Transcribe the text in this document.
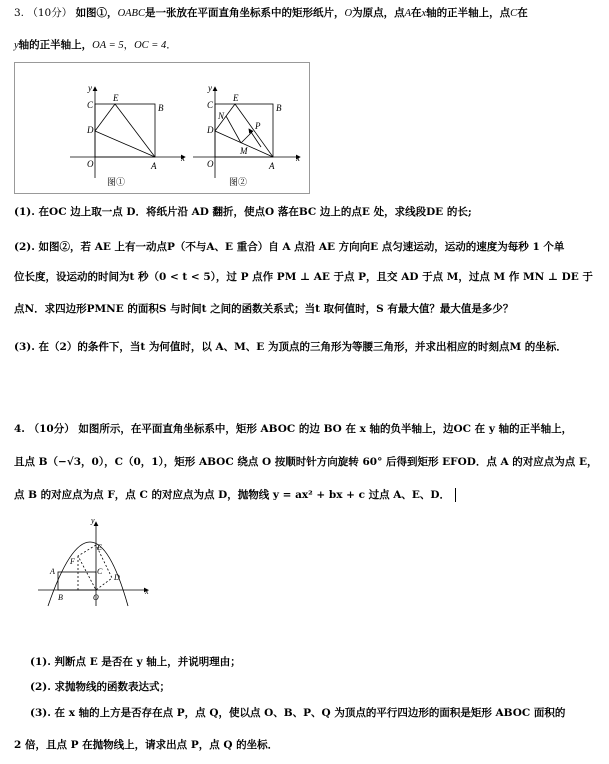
3. （10分） 如图①，OABC是一张放在平面直角坐标系中的矩形纸片，O为原点，点A在x轴的正半轴上，点C在
y轴的正半轴上，OA = 5，OC = 4．
y
x
C
E
B
D
O	A
图①
y
x
C
E
B
N
P
D
M
O	A
图②
(1). 在OC 边上取一点 D．将纸片沿 AD 翻折，使点O 落在BC 边上的点E 处，求线段DE 的长;
(2). 如图②，若 AE 上有一动点P（不与A、E 重合）自 A 点沿 AE 方向向E 点匀速运动，运动的速度为每秒 1 个单
位长度，设运动的时间为t 秒（0 < t < 5），过 P 点作 PM ⊥ AE 于点 P，且交 AD 于点 M，过点 M 作 MN ⊥ DE 于
点N．求四边形PMNE 的面积S 与时间t 之间的函数关系式；当t 取何值时，S 有最大值？最大值是多少？
(3). 在（2）的条件下，当t 为何值时，以 A、M、E 为顶点的三角形为等腰三角形，并求出相应的时刻点M 的坐标．
4. （10分） 如图所示，在平面直角坐标系中，矩形 ABOC 的边 BO 在 x 轴的负半轴上，边OC 在 y 轴的正半轴上，
且点 B（−√3，0），C（0，1），矩形 ABOC 绕点 O 按顺时针方向旋转 60° 后得到矩形 EFOD．点 A 的对应点为点 E，
点 B 的对应点为点 F，点 C 的对应点为点 D，抛物线 y = ax² + bx + c 过点 A、E、D．
y
x
E
F
A	C
D
B	O
(1). 判断点 E 是否在 y 轴上，并说明理由；
(2). 求抛物线的函数表达式；
(3). 在 x 轴的上方是否存在点 P，点 Q，使以点 O、B、P、Q 为顶点的平行四边形的面积是矩形 ABOC 面积的
2 倍，且点 P 在抛物线上，请求出点 P，点 Q 的坐标．
